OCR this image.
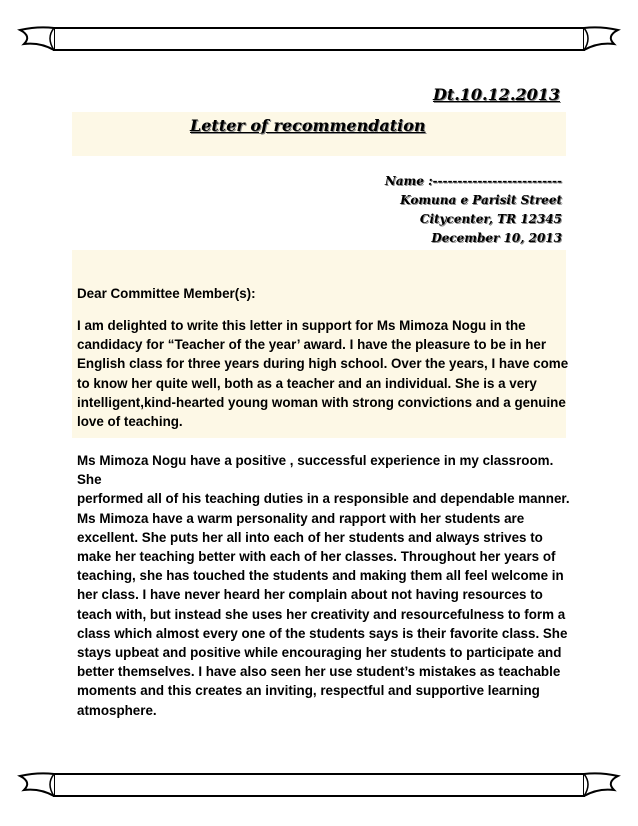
Dt.10.12.2013
Letter of recommendation
Name :--------------------------
Komuna e Parisit Street
Citycenter, TR 12345
December 10, 2013
Dear Committee Member(s):

I am delighted to write this letter in support for Ms Mimoza Nogu in the candidacy for “Teacher of the year’ award. I have the pleasure to be in her English class for three years during high school. Over the years, I have come to know her quite well, both as a teacher and an individual. She is a very intelligent,kind-hearted young woman with strong convictions and a genuine love of teaching.

Ms Mimoza Nogu have a positive , successful experience in my classroom. She
performed all of his teaching duties in a responsible and dependable manner. Ms Mimoza have a warm personality and rapport with her students are excellent. She puts her all into each of her students and always strives to make her teaching better with each of her classes. Throughout her years of teaching, she has touched the students and making them all feel welcome in her class. I have never heard her complain about not having resources to teach with, but instead she uses her creativity and resourcefulness to form a class which almost every one of the students says is their favorite class. She stays upbeat and positive while encouraging her students to participate and better themselves. I have also seen her use student’s mistakes as teachable moments and this creates an inviting, respectful and supportive learning atmosphere.
